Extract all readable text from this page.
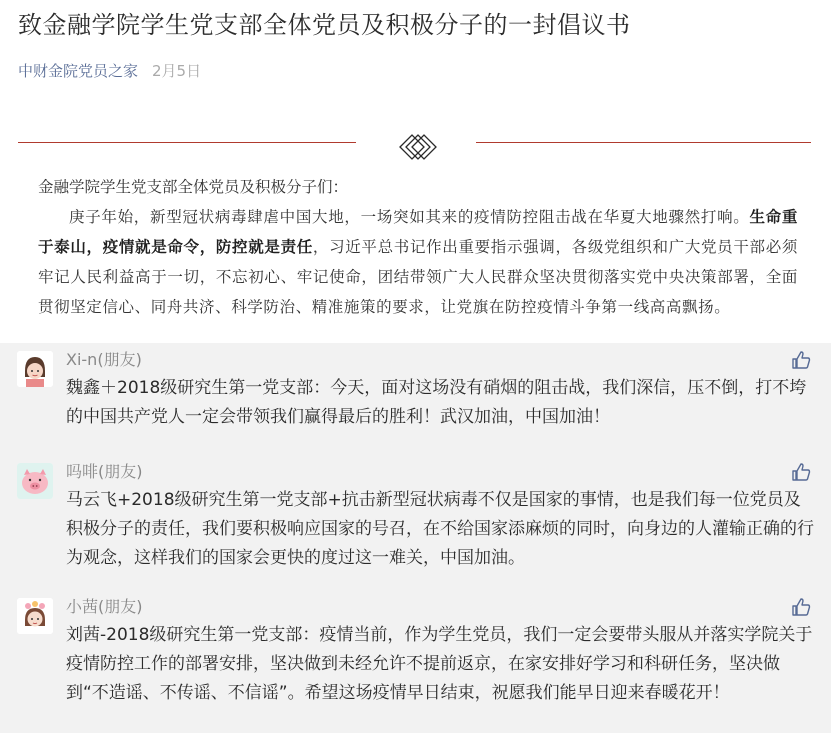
致金融学院学生党支部全体党员及积极分子的一封倡议书
中财金院党员之家 2月5日

金融学院学生党支部全体党员及积极分子们：

庚子年始，新型冠状病毒肆虐中国大地，一场突如其来的疫情防控阻击战在华夏大地骤然打响。生命重于泰山，疫情就是命令，防控就是责任，习近平总书记作出重要指示强调，各级党组织和广大党员干部必须牢记人民利益高于一切，不忘初心、牢记使命，团结带领广大人民群众坚决贯彻落实党中央决策部署，全面贯彻坚定信心、同舟共济、科学防治、精准施策的要求，让党旗在防控疫情斗争第一线高高飘扬。

Xi-n(朋友)
魏鑫＋2018级研究生第一党支部：今天，面对这场没有硝烟的阻击战，我们深信，压不倒，打不垮的中国共产党人一定会带领我们赢得最后的胜利！武汉加油，中国加油！
吗啡(朋友)
马云飞+2018级研究生第一党支部+抗击新型冠状病毒不仅是国家的事情，也是我们每一位党员及积极分子的责任，我们要积极响应国家的号召，在不给国家添麻烦的同时，向身边的人灌输正确的行为观念，这样我们的国家会更快的度过这一难关，中国加油。
小茜(朋友)
刘茜-2018级研究生第一党支部：疫情当前，作为学生党员，我们一定会要带头服从并落实学院关于疫情防控工作的部署安排，坚决做到未经允许不提前返京，在家安排好学习和科研任务，坚决做到“不造谣、不传谣、不信谣”。希望这场疫情早日结束，祝愿我们能早日迎来春暖花开！
